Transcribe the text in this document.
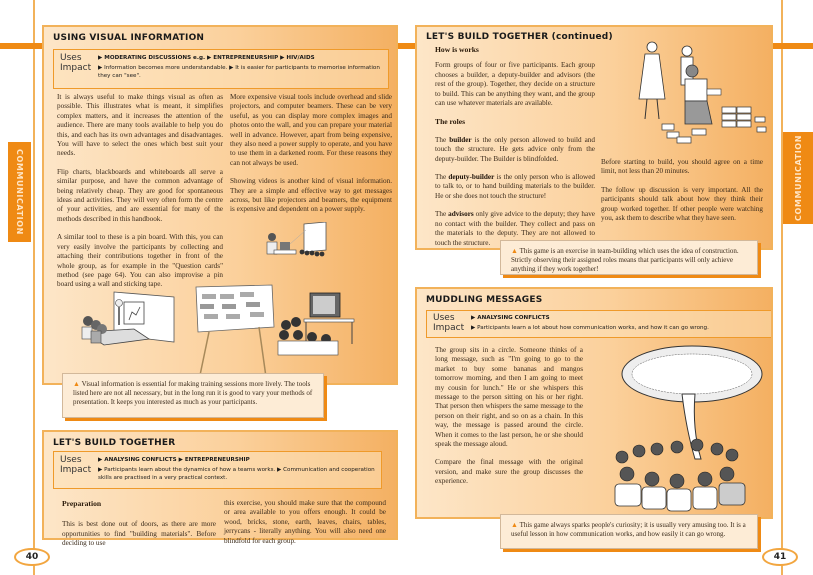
COMMUNICATION	COMMUNICATION
40	41
USING VISUAL INFORMATION
Uses	▶ MODERATING DISCUSSIONS e.g. ▶ ENTREPRENEURSHIP ▶ HIV/AIDS
Impact	▶ Information becomes more understandable. ▶ It is easier for participants to memorise information they can "see".

It is always useful to make things visual as often as possible. This illustrates what is meant, it simplifies complex matters, and it increases the attention of the audience. There are many tools available to help you do this, and each has its own advantages and disadvantages. You will have to select the ones which best suit your needs.

Flip charts, blackboards and whiteboards all serve a similar purpose, and have the common advantage of being relatively cheap. They are good for spontaneous ideas and activities. They will very often form the centre of your activities, and are essential for many of the methods described in this handbook.

A similar tool to these is a pin board. With this, you can very easily involve the participants by collecting and attaching their contributions together in front of the whole group, as for example in the "Question cards" method (see page 64). You can also improvise a pin board using a wall and sticking tape.

More expensive visual tools include overhead and slide projectors, and computer beamers. These can be very useful, as you can display more complex images and photos onto the wall, and you can prepare your material well in advance. However, apart from being expensive, they also need a power supply to operate, and you have to use them in a darkened room. For these reasons they can not always be used.

Showing videos is another kind of visual information. They are a simple and effective way to get messages across, but like projectors and beamers, the equipment is expensive and dependent on a power supply.

▲ Visual information is essential for making training sessions more lively. The tools listed here are not all necessary, but in the long run it is good to vary your methods of presentation. It keeps you interested as much as your participants.
LET'S BUILD TOGETHER
Uses	▶ ANALYSING CONFLICTS ▶ ENTREPRENEURSHIP
Impact	▶ Participants learn about the dynamics of how a teams works. ▶ Communication and cooperation skills are practised in a very practical context.
Preparation

This is best done out of doors, as there are more opportunities to find "building materials". Before deciding to use

this exercise, you should make sure that the compound or area available to you offers enough. It could be wood, bricks, stone, earth, leaves, chairs, tables, jerrycans - literally anything. You will also need one blindfold for each group.

LET'S BUILD TOGETHER (continued)
How is works

Form groups of four or five participants. Each group chooses a builder, a deputy-builder and advisors (the rest of the group). Together, they decide on a structure to build. This can be anything they want, and the group can use whatever materials are available.

The roles

The builder is the only person allowed to build and touch the structure. He gets advice only from the deputy-builder. The Builder is blindfolded.

The deputy-builder is the only person who is allowed to talk to, or to hand building materials to the builder. He or she does not touch the structure!

The advisors only give advice to the deputy; they have no contact with the builder. They collect and pass on the materials to the deputy. They are not allowed to touch the structure.

Before starting to build, you should agree on a time limit, not less than 20 minutes.

The follow up discussion is very important. All the participants should talk about how they think their group worked together. If other people were watching you, ask them to describe what they have seen.

▲ This game is an exercise in team-building which uses the idea of construction. Strictly observing their assigned roles means that participants will only achieve anything if they work together!
MUDDLING MESSAGES
Uses	▶ ANALYSING CONFLICTS
Impact	▶ Participants learn a lot about how communication works, and how it can go wrong.

The group sits in a circle. Someone thinks of a long message, such as "I'm going to go to the market to buy some bananas and mangos tomorrow morning, and then I am going to meet my cousin for lunch." He or she whispers this message to the person sitting on his or her right. That person then whispers the same message to the person on their right, and so on as a chain. In this way, the message is passed around the circle. When it comes to the last person, he or she should speak the message aloud.

Compare the final message with the original version, and make sure the group discusses the experience.

▲ This game always sparks people's curiosity; it is usually very amusing too. It is a useful lesson in how communication works, and how easily it can go wrong.
